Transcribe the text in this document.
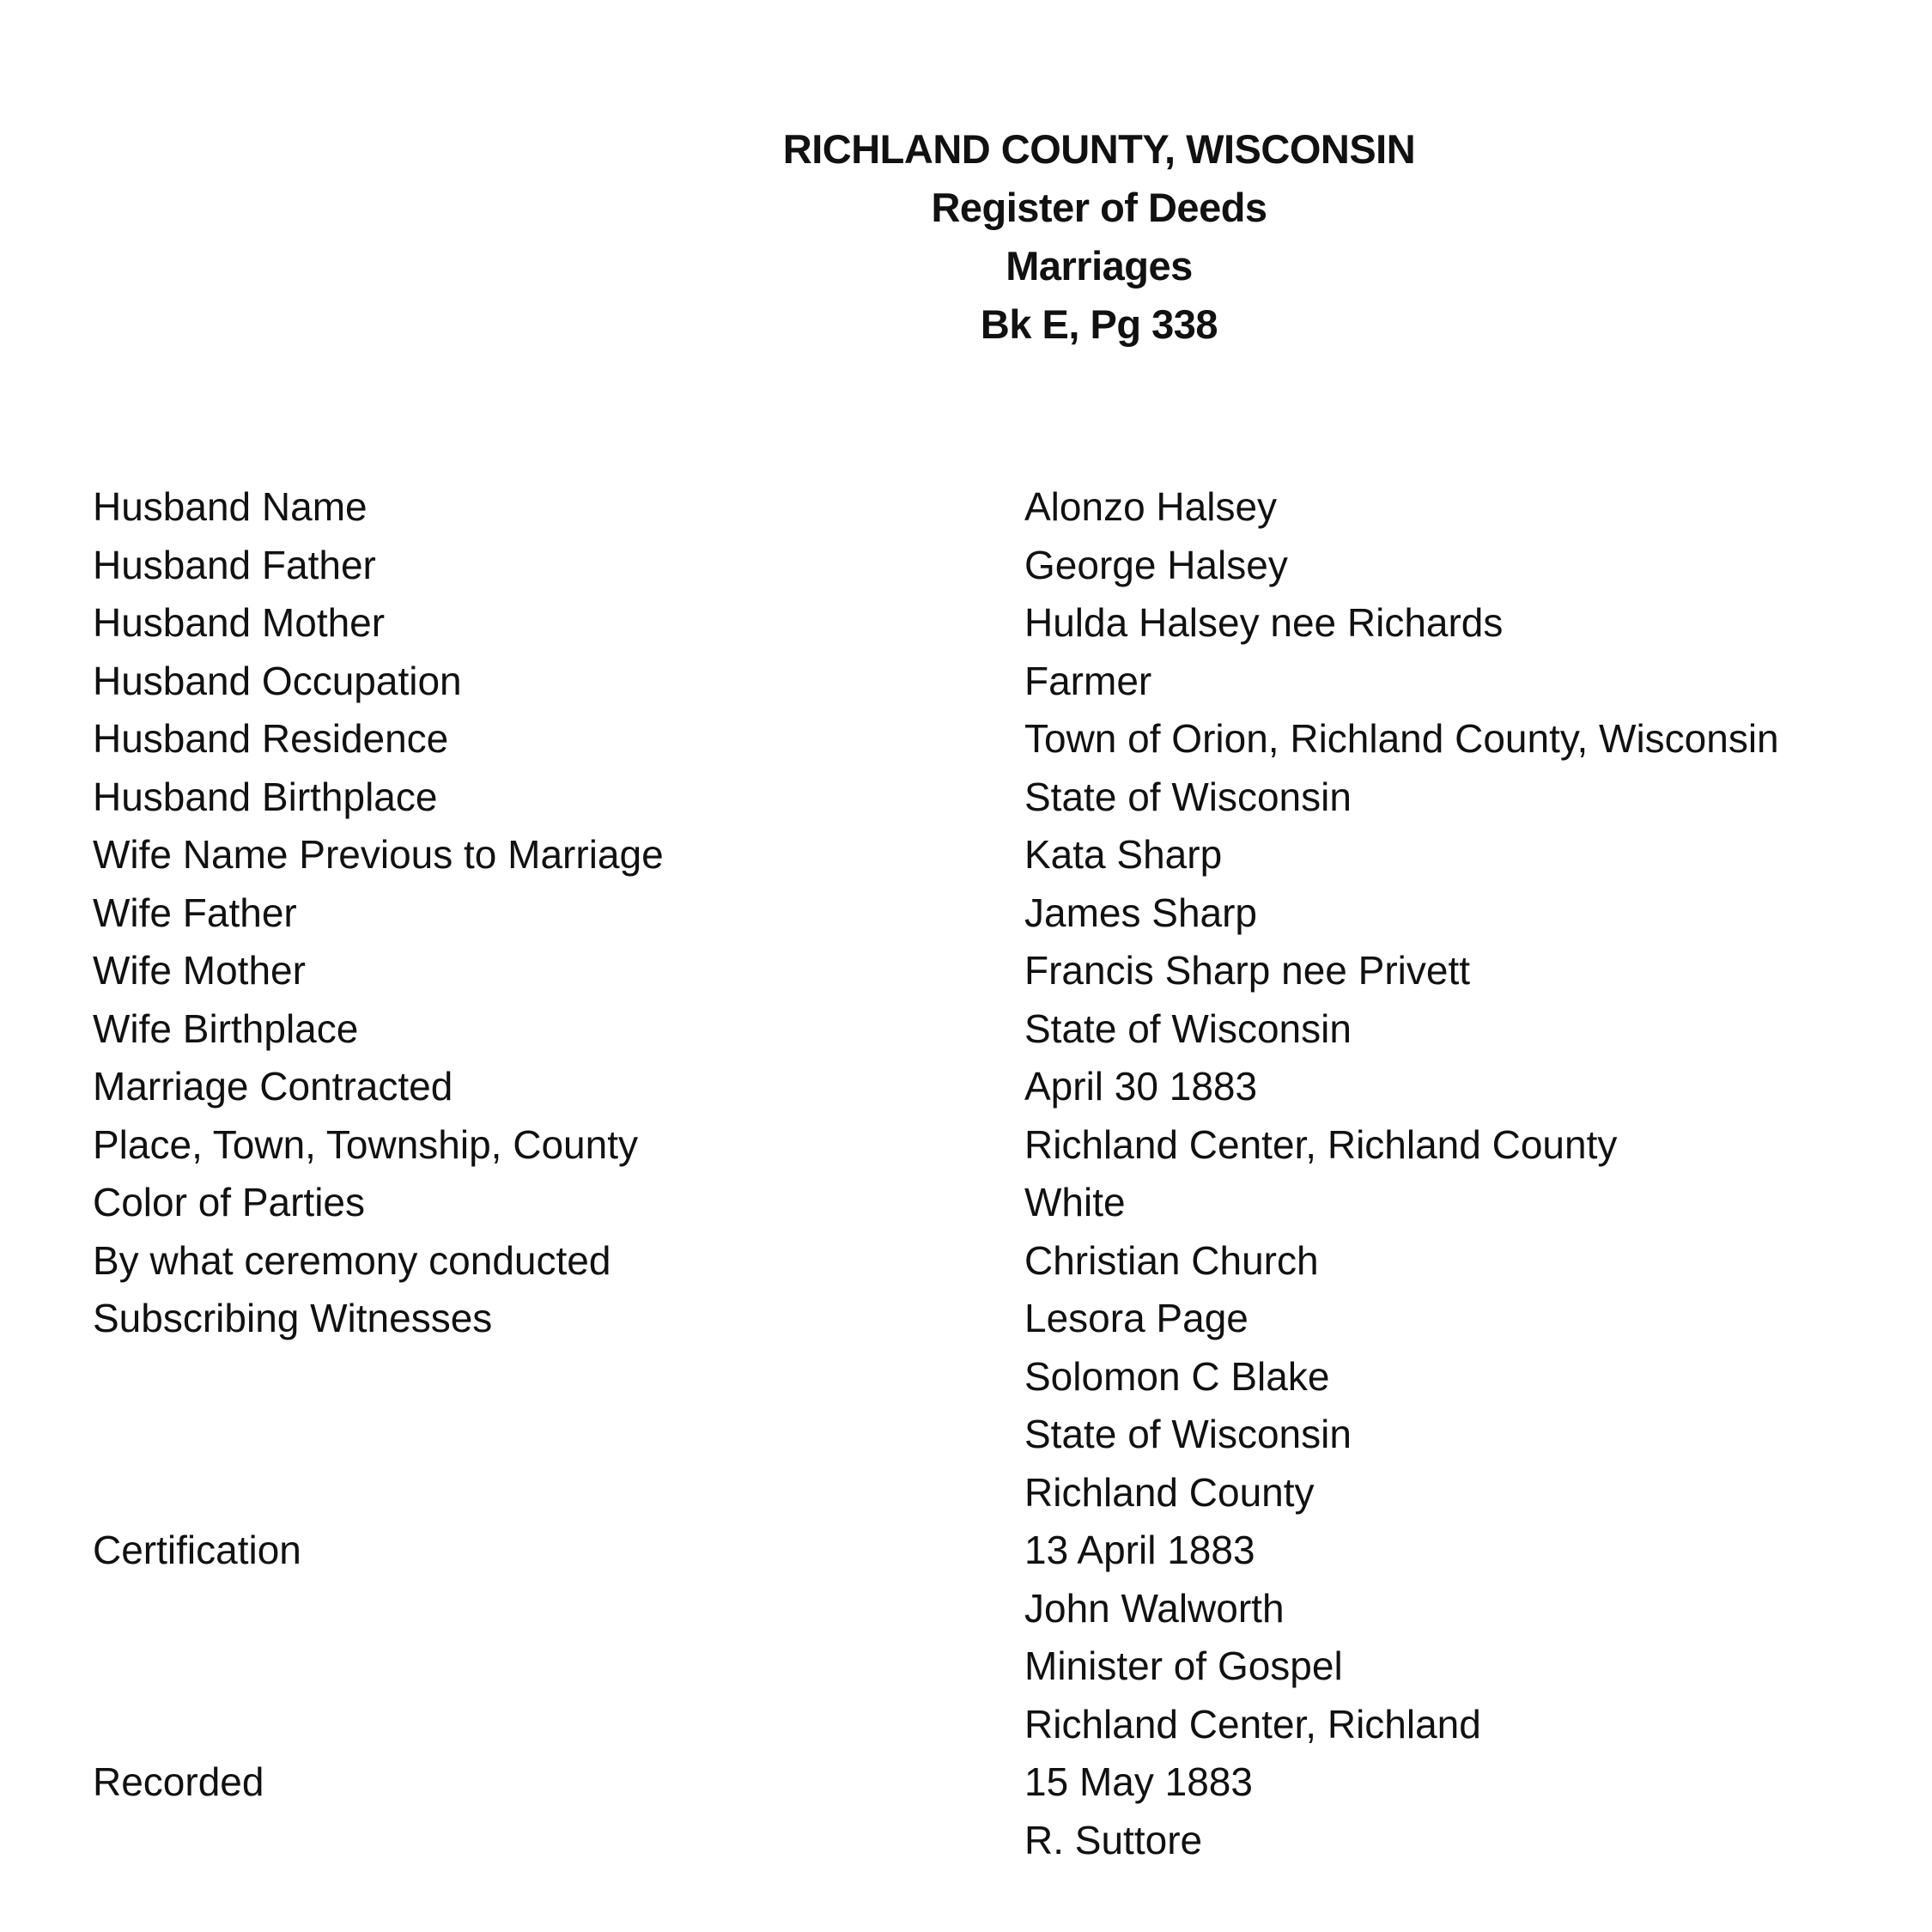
RICHLAND COUNTY, WISCONSIN
Register of Deeds
Marriages
Bk E, Pg 338
Husband Name
Husband Father
Husband Mother
Husband Occupation
Husband Residence
Husband Birthplace
Wife Name Previous to Marriage
Wife Father
Wife Mother
Wife Birthplace
Marriage Contracted
Place, Town, Township, County
Color of Parties
By what ceremony conducted
Subscribing Witnesses
Certification
Recorded
Alonzo Halsey
George Halsey
Hulda Halsey nee Richards
Farmer
Town of Orion, Richland County, Wisconsin
State of Wisconsin
Kata Sharp
James Sharp
Francis Sharp nee Privett
State of Wisconsin
April 30 1883
Richland Center, Richland County
White
Christian Church
Lesora Page
Solomon C Blake
State of Wisconsin
Richland County
13 April 1883
John Walworth
Minister of Gospel
Richland Center, Richland
15 May 1883
R. Suttore
